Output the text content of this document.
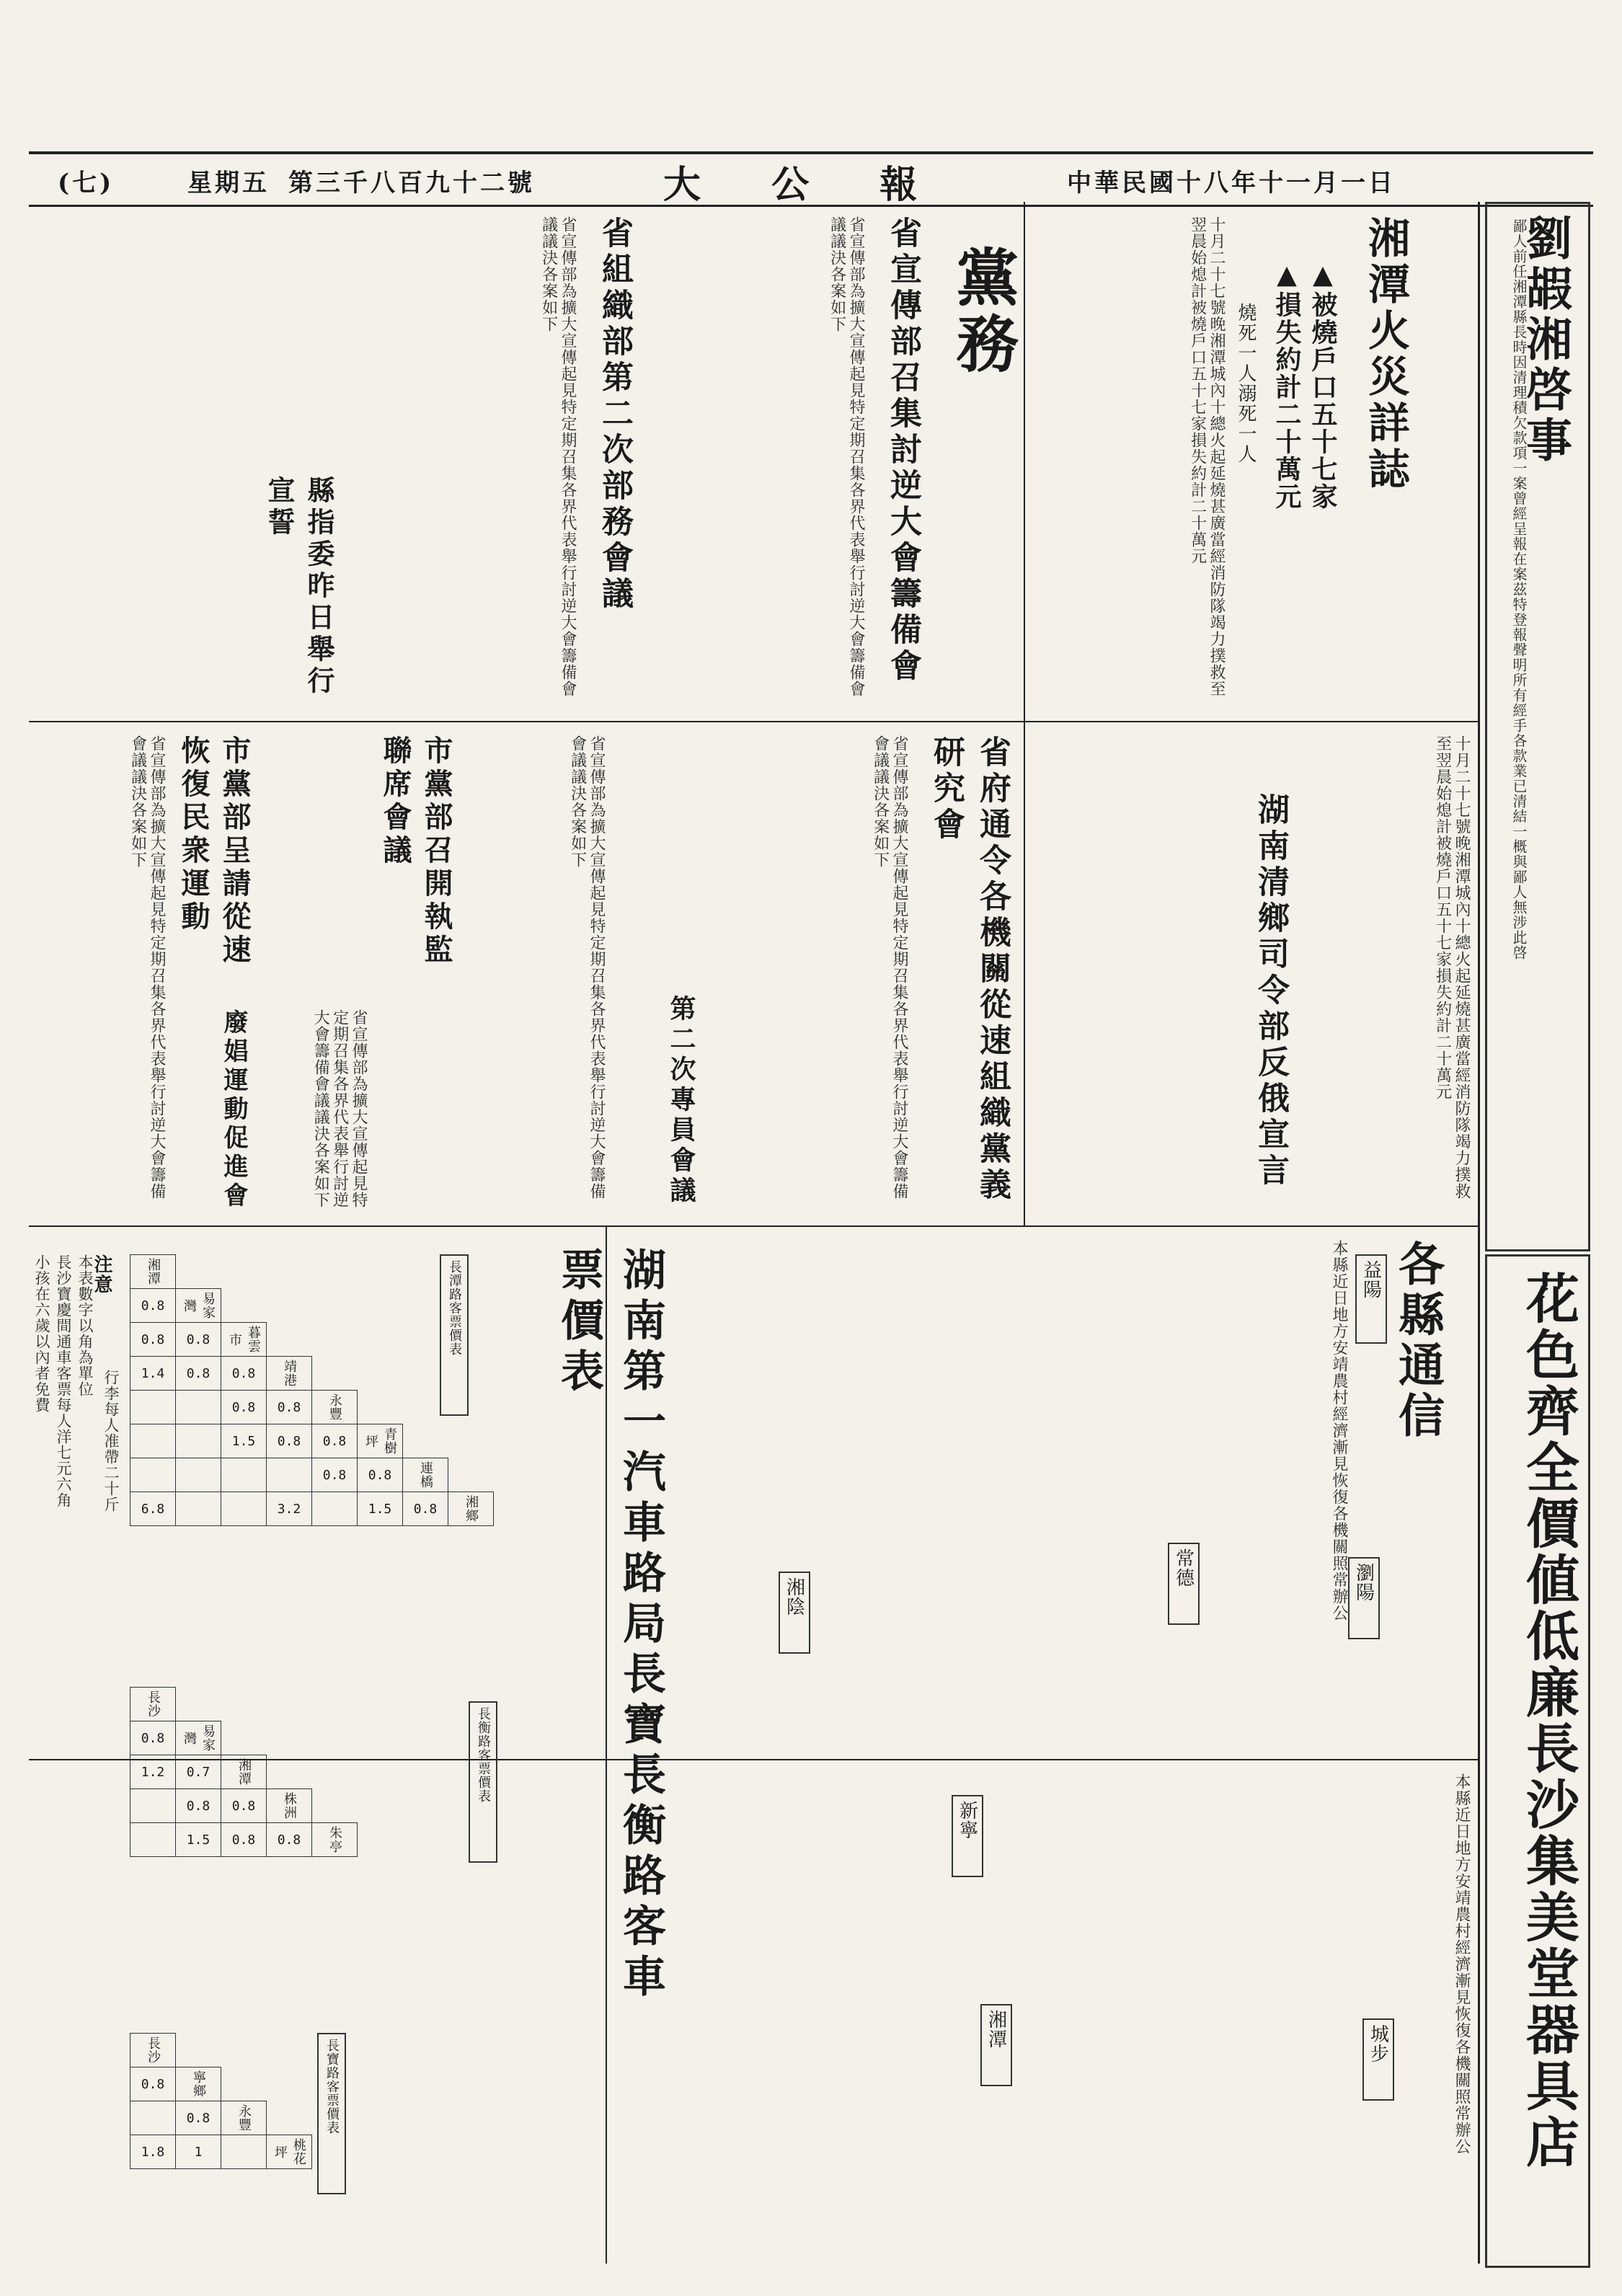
中華民國十八年十一月一日
大 公 報
第三千八百九十二號
星期五
(七)
劉嘏湘啓事
鄙人前任湘潭縣長時因清理積欠款項一案曾經呈報在案茲特登報聲明所有經手各款業已清結一概與鄙人無涉此啓
花色齊全價値低廉長沙集美堂器具店
湘潭火災詳誌
▲被燒戶口五十七家
▲損失約計二十萬元
燒死一人溺死一人
十月二十七號晚湘潭城內十總火起延燒甚廣當經消防隊竭力撲救至翌晨始熄計被燒戶口五十七家損失約計二十萬元
十月二十七號晚湘潭城內十總火起延燒甚廣當經消防隊竭力撲救至翌晨始熄計被燒戶口五十七家損失約計二十萬元
黨務
省宣傳部召集討逆大會籌備會
省組織部第二次部務會議	省宣傳部為擴大宣傳起見特定期召集各界代表舉行討逆大會籌備會議議決各案如下
省宣傳部為擴大宣傳起見特定期召集各界代表舉行討逆大會籌備會議議決各案如下
縣指委昨日舉行宣誓
省府通令各機關從速組織黨義研究會
省宣傳部為擴大宣傳起見特定期召集各界代表舉行討逆大會籌備會議議決各案如下	湖南清鄉司令部反俄宣言
市黨部召開執監聯席會議
市黨部呈請從速恢復民衆運動	省宣傳部為擴大宣傳起見特定期召集各界代表舉行討逆大會籌備會議議決各案如下
省宣傳部為擴大宣傳起見特定期召集各界代表舉行討逆大會籌備會議議決各案如下
第二次專員會議
廢娼運動促進會	省宣傳部為擴大宣傳起見特定期召集各界代表舉行討逆大會籌備會議議決各案如下
各縣通信
益陽
常德	瀏陽
湘陰
新寧
湘潭	城步
本縣近日地方安靖農村經濟漸見恢復各機關照常辦公
本縣近日地方安靖農村經濟漸見恢復各機關照常辦公
湖南第一汽車路局長寶長衡路客車票價表
長潭路客票價表
長衡路客票價表
長寶路客票價表
湘潭							
0.8	易家灣						
0.8	0.8	暮雲市					
1.4	0.8	0.8	靖港				
		0.8	0.8	永豐			
		1.5	0.8	0.8	青樹坪		
				0.8	0.8	連橋	
6.8			3.2		1.5	0.8	湘鄉
長沙				
0.8	易家灣			
1.2	0.7	湘潭		
	0.8	0.8	株洲	
	1.5	0.8	0.8	朱亭
長沙			
0.8	寧鄉		
	0.8	永豐	
1.8	1		桃花坪
注意
本表數字以角為單位
長沙寶慶間通車客票每人洋七元六角 行李每人准帶二十斤
小孩在六歲以內者免費
